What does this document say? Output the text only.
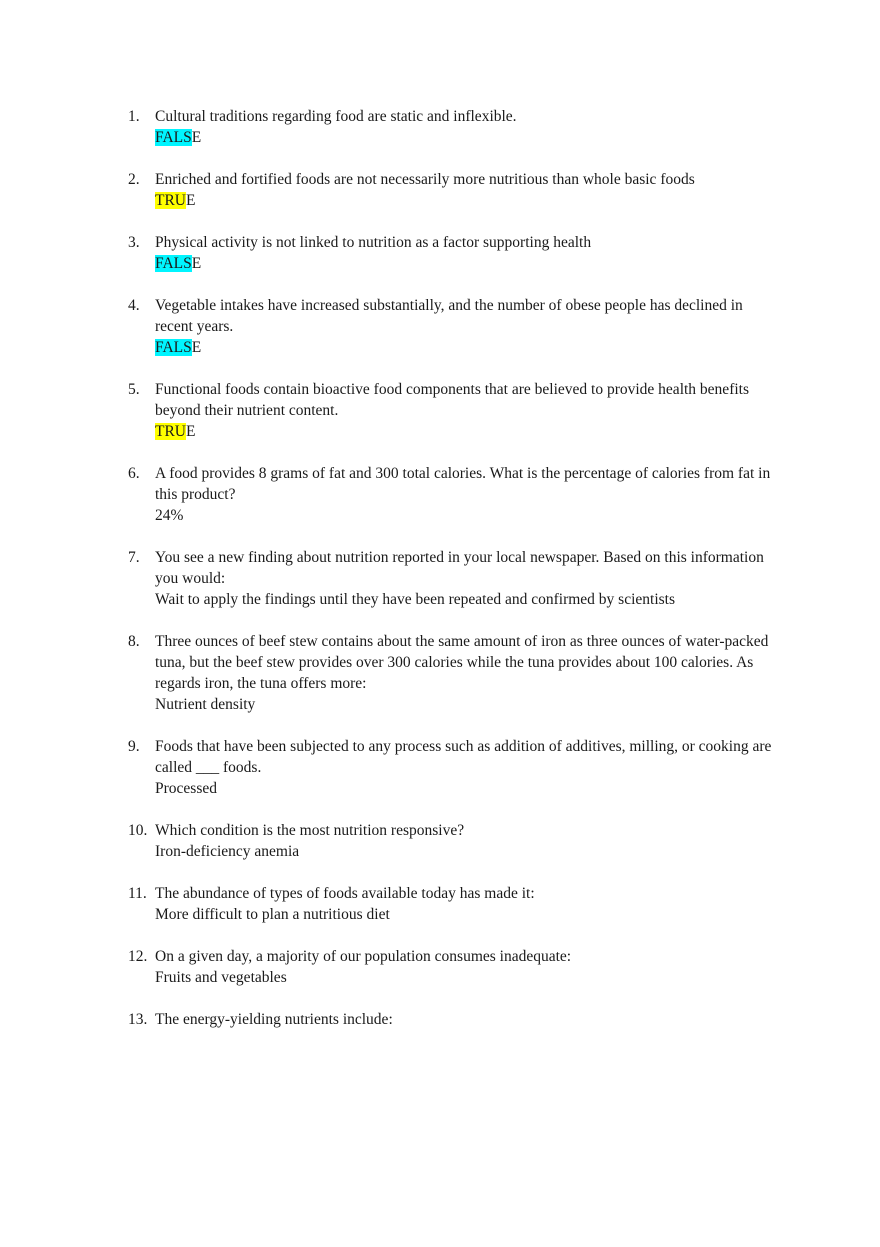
1. Cultural traditions regarding food are static and inflexible.
FALSE
2. Enriched and fortified foods are not necessarily more nutritious than whole basic foods
TRUE
3. Physical activity is not linked to nutrition as a factor supporting health
FALSE
4. Vegetable intakes have increased substantially, and the number of obese people has declined in recent years.
FALSE
5. Functional foods contain bioactive food components that are believed to provide health benefits beyond their nutrient content.
TRUE
6. A food provides 8 grams of fat and 300 total calories. What is the percentage of calories from fat in this product?
24%
7. You see a new finding about nutrition reported in your local newspaper. Based on this information you would:
Wait to apply the findings until they have been repeated and confirmed by scientists
8. Three ounces of beef stew contains about the same amount of iron as three ounces of water-packed tuna, but the beef stew provides over 300 calories while the tuna provides about 100 calories. As regards iron, the tuna offers more:
Nutrient density
9. Foods that have been subjected to any process such as addition of additives, milling, or cooking are called ___ foods.
Processed
10. Which condition is the most nutrition responsive?
Iron-deficiency anemia
11. The abundance of types of foods available today has made it:
More difficult to plan a nutritious diet
12. On a given day, a majority of our population consumes inadequate:
Fruits and vegetables
13. The energy-yielding nutrients include:
